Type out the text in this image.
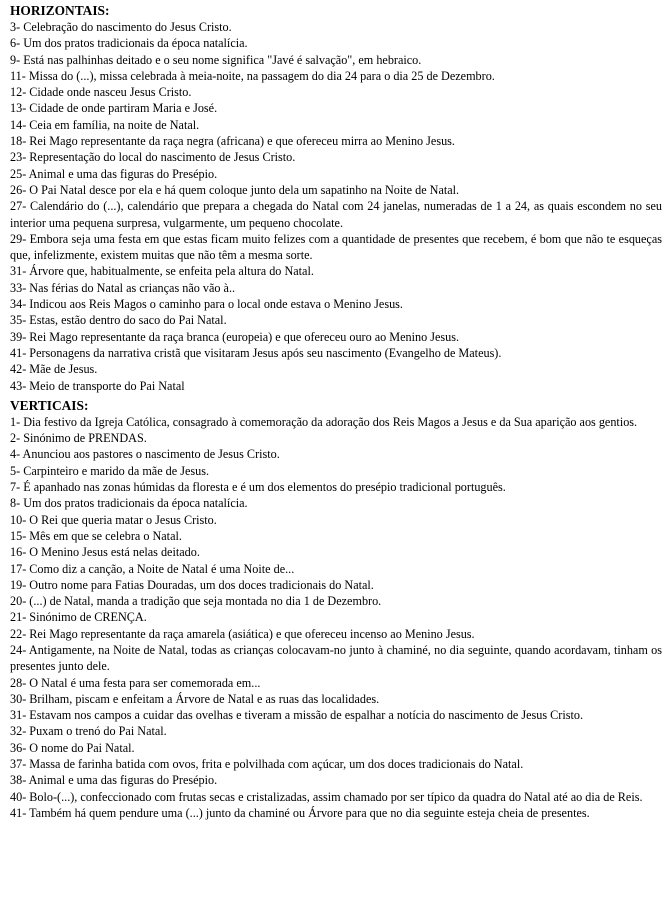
HORIZONTAIS:
3- Celebração do nascimento do Jesus Cristo.
6- Um dos pratos tradicionais da época natalícia.
9- Está nas palhinhas deitado e o seu nome significa "Javé é salvação", em hebraico.
11- Missa do (...), missa celebrada à meia-noite, na passagem do dia 24 para o dia 25 de Dezembro.
12- Cidade onde nasceu Jesus Cristo.
13- Cidade de onde partiram Maria e José.
14- Ceia em família, na noite de Natal.
18- Rei Mago representante da raça negra (africana) e que ofereceu mirra ao Menino Jesus.
23- Representação do local do nascimento de Jesus Cristo.
25- Animal e uma das figuras do Presépio.
26- O Pai Natal desce por ela e há quem coloque junto dela um sapatinho na Noite de Natal.
27- Calendário do (...), calendário que prepara a chegada do Natal com 24 janelas, numeradas de 1 a 24, as quais escondem no seu interior uma pequena surpresa, vulgarmente, um pequeno chocolate.
29- Embora seja uma festa em que estas ficam muito felizes com a quantidade de presentes que recebem, é bom que não te esqueças que, infelizmente, existem muitas que não têm a mesma sorte.
31- Árvore que, habitualmente, se enfeita pela altura do Natal.
33- Nas férias do Natal as crianças não vão à..
34- Indicou aos Reis Magos o caminho para o local onde estava o Menino Jesus.
35- Estas, estão dentro do saco do Pai Natal.
39- Rei Mago representante da raça branca (europeia) e que ofereceu ouro ao Menino Jesus.
41- Personagens da narrativa cristã que visitaram Jesus após seu nascimento (Evangelho de Mateus).
42- Mãe de Jesus.
43- Meio de transporte do Pai Natal
VERTICAIS:
1- Dia festivo da Igreja Católica, consagrado à comemoração da adoração dos Reis Magos a Jesus e da Sua aparição aos gentios.
2- Sinónimo de PRENDAS.
4- Anunciou aos pastores o nascimento de Jesus Cristo.
5- Carpinteiro e marido da mãe de Jesus.
7- É apanhado nas zonas húmidas da floresta e é um dos elementos do presépio tradicional português.
8- Um dos pratos tradicionais da época natalícia.
10- O Rei que queria matar o Jesus Cristo.
15- Mês em que se celebra o Natal.
16- O Menino Jesus está nelas deitado.
17- Como diz a canção, a Noite de Natal é uma Noite de...
19- Outro nome para Fatias Douradas, um dos doces tradicionais do Natal.
20- (...) de Natal, manda a tradição que seja montada no dia 1 de Dezembro.
21- Sinónimo de CRENÇA.
22- Rei Mago representante da raça amarela (asiática) e que ofereceu incenso ao Menino Jesus.
24- Antigamente, na Noite de Natal, todas as crianças colocavam-no junto à chaminé, no dia seguinte, quando acordavam, tinham os presentes junto dele.
28- O Natal é uma festa para ser comemorada em...
30- Brilham, piscam e enfeitam a Árvore de Natal e as ruas das localidades.
31- Estavam nos campos a cuidar das ovelhas e tiveram a missão de espalhar a notícia do nascimento de Jesus Cristo.
32- Puxam o trenó do Pai Natal.
36- O nome do Pai Natal.
37- Massa de farinha batida com ovos, frita e polvilhada com açúcar, um dos doces tradicionais do Natal.
38- Animal e uma das figuras do Presépio.
40- Bolo-(...), confeccionado com frutas secas e cristalizadas, assim chamado por ser típico da quadra do Natal até ao dia de Reis.
41- Também há quem pendure uma (...) junto da chaminé ou Árvore para que no dia seguinte esteja cheia de presentes.
